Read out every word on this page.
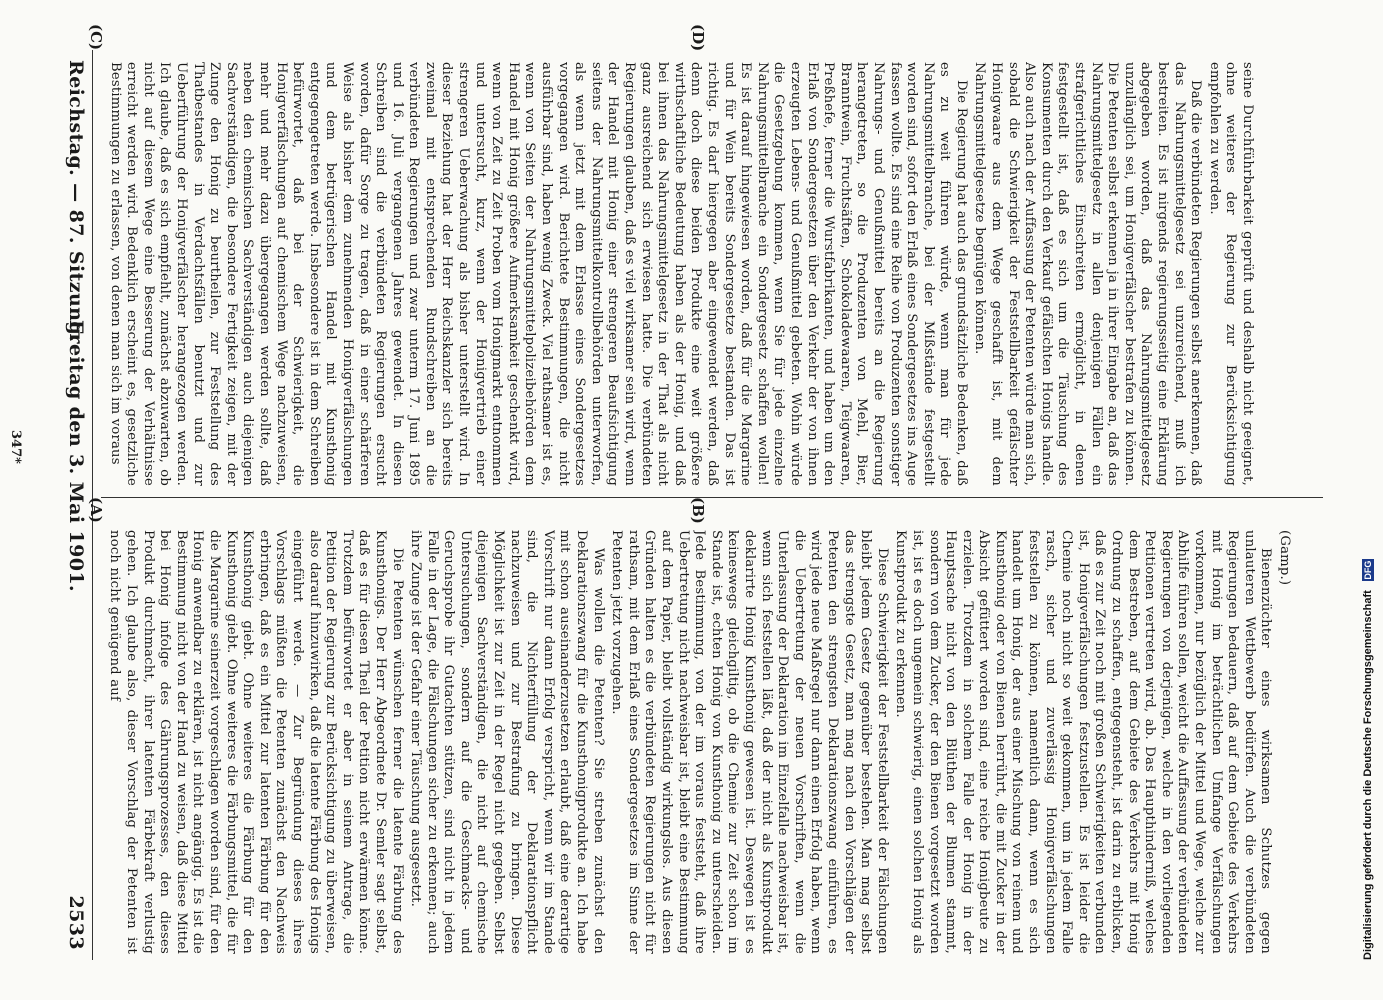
Reichstag. — 87. Sitzung.
Freitag den 3. Mai 1901.
2533
(A)	(B)
(C)	(D)

(Gamp.)

Bienenzüchter eines wirksamen Schutzes gegen unlauteren Wettbewerb bedürfen. Auch die verbündeten Regierungen bedauern, daß auf dem Gebiete des Verkehrs mit Honig im beträchtlichen Umfange Verfälschungen vorkommen, nur bezüglich der Mittel und Wege, welche zur Abhilfe führen sollen, weicht die Auffassung der verbündeten Regierungen von derjenigen, welche in den vorliegenden Petitionen vertreten wird, ab. Das Haupthinderniß, welches dem Bestreben, auf dem Gebiete des Verkehrs mit Honig Ordnung zu schaffen, entgegensteht, ist darin zu erblicken, daß es zur Zeit noch mit großen Schwierigkeiten verbunden ist, Honigverfälschungen festzustellen. Es ist leider die Chemie noch nicht so weit gekommen, um in jedem Falle rasch, sicher und zuverlässig Honigverfälschungen feststellen zu können, namentlich dann, wenn es sich handelt um Honig, der aus einer Mischung von reinem und Kunsthonig oder von Bienen herrührt, die mit Zucker in der Absicht gefüttert worden sind, eine reiche Honigbeute zu erzielen. Trotzdem in solchem Falle der Honig in der Hauptsache nicht von den Blüthen der Blumen stammt, sondern von dem Zucker, der den Bienen vorgesetzt worden ist, ist es doch ungemein schwierig, einen solchen Honig als Kunstprodukt zu erkennen.

Diese Schwierigkeit der Feststellbarkeit der Fälschungen bleibt jedem Gesetz gegenüber bestehen. Man mag selbst das strengste Gesetz, man mag nach den Vorschlägen der Petenten den strengsten Deklarationszwang einführen, es wird jede neue Maßregel nur dann einen Erfolg haben, wenn die Uebertretung der neuen Vorschriften, wenn die Unterlassung der Deklaration im Einzelfalle nachweisbar ist, wenn sich feststellen läßt, daß der nicht als Kunstprodukt deklarirte Honig Kunsthonig gewesen ist. Deswegen ist es keineswegs gleichgiltig, ob die Chemie zur Zeit schon im Stande ist, echten Honig von Kunsthonig zu unterscheiden. Jede Bestimmung, von der im voraus feststeht, daß ihre Uebertretung nicht nachweisbar ist, bleibt eine Bestimmung auf dem Papier, bleibt vollständig wirkungslos. Aus diesen Gründen halten es die verbündeten Regierungen nicht für rathsam, mit dem Erlaß eines Sondergesetzes im Sinne der Petenten jetzt vorzugehen.

Was wollen die Petenten? Sie streben zunächst den Deklarationszwang für die Kunsthonigprodukte an. Ich habe mit schon auseinanderzusetzen erlaubt, daß eine derartige Vorschrift nur dann Erfolg verspricht, wenn wir im Stande sind, die Nichterfüllung der Deklarationspflicht nachzuweisen und zur Bestrafung zu bringen. Diese Möglichkeit ist zur Zeit in der Regel nicht gegeben. Selbst diejenigen Sachverständigen, die nicht auf chemische Untersuchungen, sondern auf die Geschmacks- und Geruchsprobe ihr Gutachten stützen, sind nicht in jedem Falle in der Lage, die Fälschungen sicher zu erkennen; auch ihre Zunge ist der Gefahr einer Täuschung ausgesetzt.

Die Petenten wünschen ferner die latente Färbung des Kunsthonigs. Der Herr Abgeordnete Dr. Semler sagt selbst, daß es für diesen Theil der Petition nicht erwärmen könne. Trotzdem befürwortet er aber in seinem Antrage, die Petition der Regierung zur Berücksichtigung zu überweisen, also darauf hinzuwirken, daß die latente Färbung des Honigs eingeführt werde. — Zur Begründung dieses ihres Vorschlags müßten die Petenten zunächst den Nachweis erbringen, daß es ein Mittel zur latenten Färbung für den Kunsthonig giebt. Ohne weiteres die Färbung für den Kunsthonig giebt. Ohne weiteres die Färbungsmittel, die für die Margarine seinerzeit vorgeschlagen worden sind, für den Honig anwendbar zu erklären, ist nicht angängig. Es ist die Bestimmung nicht von der Hand zu weisen, daß diese Mittel bei Honig infolge des Gährungsprozesses, den dieses Produkt durchmacht, ihrer latenten Färbekraft verlustig gehen. Ich glaube also, dieser Vorschlag der Petenten ist noch nicht genügend auf

seine Durchführbarkeit geprüft und deshalb nicht geeignet, ohne weiteres der Regierung zur Berücksichtigung empfohlen zu werden.

Daß die verbündeten Regierungen selbst anerkennen, daß das Nahrungsmittelgesetz sei unzureichend, muß ich bestreiten. Es ist nirgends regierungsseitig eine Erklärung abgegeben worden, daß das Nahrungsmittelgesetz unzulänglich sei, um Honigverfälscher bestrafen zu können. Die Petenten selbst erkennen ja in ihrer Eingabe an, daß das Nahrungsmittelgesetz in allen denjenigen Fällen ein strafgerichtliches Einschreiten ermöglicht, in denen festgestellt ist, daß es sich um die Täuschung des Konsumenten durch den Verkauf gefälschten Honigs handle. Also auch nach der Auffassung der Petenten würde man sich, sobald die Schwierigkeit der Feststellbarkeit gefälschter Honigwaare aus dem Wege geschafft ist, mit dem Nahrungsmittelgesetze begnügen können.

Die Regierung hat auch das grundsätzliche Bedenken, daß es zu weit führen würde, wenn man für jede Nahrungsmittelbranche, bei der Mißstände festgestellt worden sind, sofort den Erlaß eines Sondergesetzes ins Auge fassen wollte. Es sind eine Reihe von Produzenten sonstiger Nahrungs- und Genußmittel bereits an die Regierung herangetreten, so die Produzenten von Mehl, Bier, Branntwein, Fruchtsäften, Schokoladewaaren, Teigwaaren, Preßhefe, ferner die Wurstfabrikanten, und haben um den Erlaß von Sondergesetzen über den Verkehr der von ihnen erzeugten Lebens- und Genußmittel gebeten. Wohin würde die Gesetzgebung kommen, wenn Sie für jede einzelne Nahrungsmittelbranche ein Sondergesetz schaffen wollen! Es ist darauf hingewiesen worden, daß für die Margarine und für Wein bereits Sondergesetze bestanden. Das ist richtig. Es darf hiergegen aber eingewendet werden, daß denn doch diese beiden Produkte eine weit größere wirthschaftliche Bedeutung haben als der Honig, und daß bei ihnen das Nahrungsmittelgesetz in der That als nicht ganz ausreichend sich erwiesen hatte. Die verbündeten Regierungen glauben, daß es viel wirksamer sein wird, wenn der Handel mit Honig einer strengeren Beaufsichtigung seitens der Nahrungsmittelkontrollbehörden unterworfen, als wenn jetzt mit dem Erlasse eines Sondergesetzes vorgegangen wird. Berichtete Bestimmungen, die nicht ausführbar sind, haben wenig Zweck. Viel rathsamer ist es, wenn von Seiten der Nahrungsmittelpolizeibehörden dem Handel mit Honig größere Aufmerksamkeit geschenkt wird, wenn von Zeit zu Zeit Proben vom Honigmarkt entnommen und untersucht, kurz, wenn der Honigvertrieb einer strengeren Ueberwachung als bisher unterstellt wird. In dieser Beziehung hat der Herr Reichskanzler sich bereits zweimal mit entsprechenden Rundschreiben an die verbündeten Regierungen und zwar unterm 17. Juni 1895 und 16. Juli vergangenen Jahres gewendet. In diesen Schreiben sind die verbündeten Regierungen ersucht worden, dafür Sorge zu tragen, daß in einer schärferen Weise als bisher dem zunehmenden Honigverfälschungen und dem betrügerischen Handel mit Kunsthonig entgegengetreten werde. Insbesondere ist in dem Schreiben befürwortet, daß bei der Schwierigkeit, die Honigverfälschungen auf chemischem Wege nachzuweisen, mehr und mehr dazu übergegangen werden sollte, daß neben den chemischen Sachverständigen auch diejenigen Sachverständigen, die besondere Fertigkeit zeigen, mit der Zunge den Honig zu beurtheilen, zur Feststellung des Thatbestandes in Verdachtsfällen benutzt und zur Ueberführung der Honigverfälscher herangezogen werden. Ich glaube, daß es sich empfiehlt, zunächst abzuwarten, ob nicht auf diesem Wege eine Besserung der Verhältnisse erreicht werden wird. Bedenklich erscheint es, gesetzliche Bestimmungen zu erlassen, von denen man sich im voraus

347*
Digitalisierung gefördert durch die Deutsche Forschungsgemeinschaft DFG
